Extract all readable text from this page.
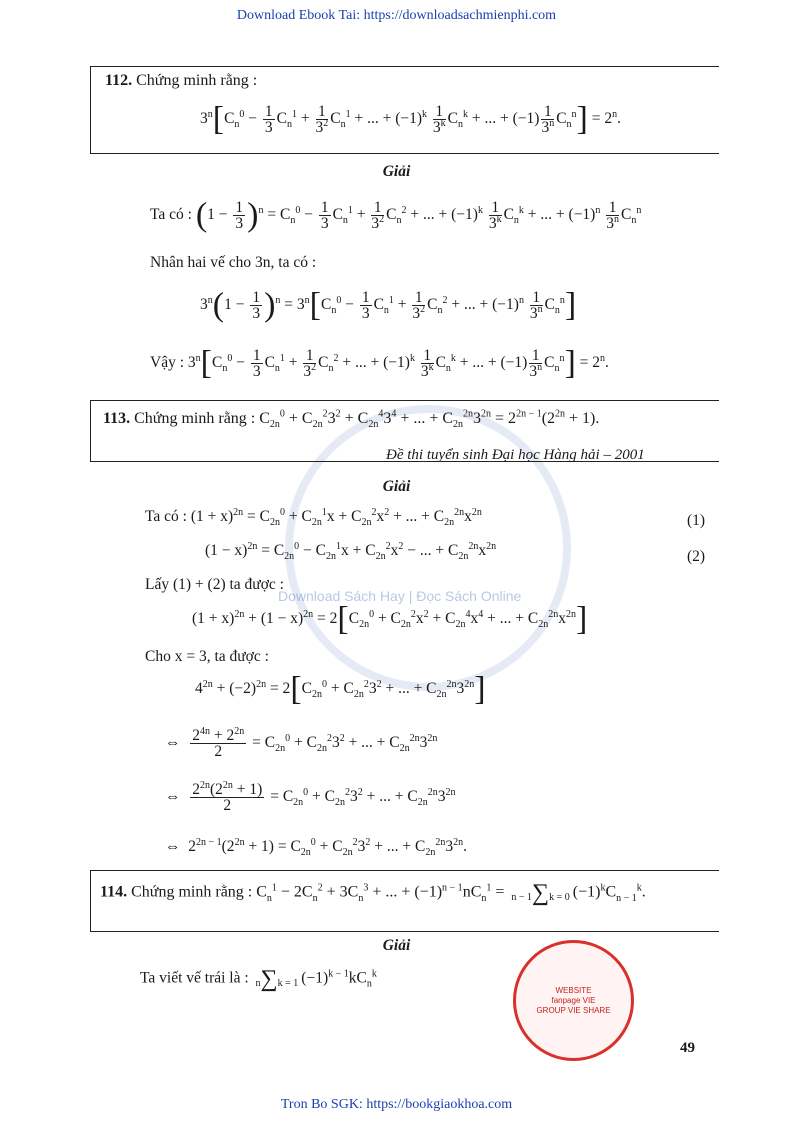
Download Ebook Tai: https://downloadsachmienphi.com
Tron Bo SGK: https://bookgiaokhoa.com
Download Sách Hay | Đọc Sách Online
112. Chứng minh rằng :
$3^n[C_n^0 - \frac{1}{3} C_n^1 + \frac{1}{3^2} C_n^1$ + ... + $(-1)^k \frac{1}{3^k} C_n^k$ + ... + $(-1) \frac{1}{3^n} C_n^n] = 2^n$.
Giải
Ta có : $(1 - \frac{1}{3} )^n = C_n^0 - \frac{1}{3} C_n^1 + \frac{1}{3^2} C_n^2$ + ... + $(-1)^k \frac{1}{3^k} C_n^k$ + ... + $(-1)^n \frac{1}{3^n} C_n^n$
Nhân hai vế cho 3n, ta có :
$3^n(1 - \frac{1}{3} )^n = 3^n[C_n^0 - \frac{1}{3} C_n^1 + \frac{1}{3^2} C_n^2$ + ... + $(-1)^n \frac{1}{3^n} C_n^n$]
Vậy : $3^n[C_n^0 - \frac{1}{3} C_n^1 + \frac{1}{3^2} C_n^2$ + ... + $(-1)^k \frac{1}{3^k} C_n^k$ + ... + $(-1) \frac{1}{3^n} C_n^n] = 2^n$.
113. Chứng minh rằng : $C_{2n}^0 + C_{2n}^23^2 + C_{2n}^43^4$ + ... + $C_{2n}^{2n}3^{2n} = 2^{2n - 1}(2^{2n} + 1)$.
Đề thi tuyển sinh Đại học Hàng hải – 2001
Giải
Ta có : $(1 + x)^{2n} = C_{2n}^0 + C_{2n}^1x + C_{2n}^2x^2$ + ... + $C_{2n}^{2n}x^{2n}$	(1)
$(1 - x)^{2n} = C_{2n}^0 - C_{2n}^1x + C_{2n}^2x^2$ − ... + $C_{2n}^{2n}x^{2n}$
(2)
Lấy (1) + (2) ta được :
$(1 + x)^{2n} + (1 - x)^{2n} = 2[C_{2n}^0 + C_{2n}^2x^2 + C_{2n}^4x^4$ + ... + $C_{2n}^{2n}x^{2n}$]
Cho x = 3, ta được :
$4^{2n} + (-2)^{2n} = 2[C_{2n}^0 + C_{2n}^23^2$ + ... + $C_{2n}^{2n}3^{2n}$]
⇔ $\frac{2^{4n} + 2^{2n}}{2} = C_{2n}^0 + C_{2n}^23^2$ + ... + $C_{2n}^{2n}3^{2n}$
⇔ $\frac{2^{2n}(2^{2n} + 1)}{2} = C_{2n}^0 + C_{2n}^23^2$ + ... + $C_{2n}^{2n}3^{2n}$
⇔  $2^{2n - 1}(2^{2n} + 1) = C_{2n}^0 + C_{2n}^23^2$ + ... + $C_{2n}^{2n}3^{2n}$.
114. Chứng minh rằng : $C_n^1 - 2C_n^2 + 3C_n^3$ + ... + $(-1)^{n - 1}nC_n^1 = n - 1\sum k = 0$ $(-1)^kC_{n - 1}^k$.
Giải
Ta viết vế trái là : n∑k = 1 $(-1)^{k - 1}kC_n^k$
WEBSITE
fanpage VIE
GROUP VIE SHARE
49
